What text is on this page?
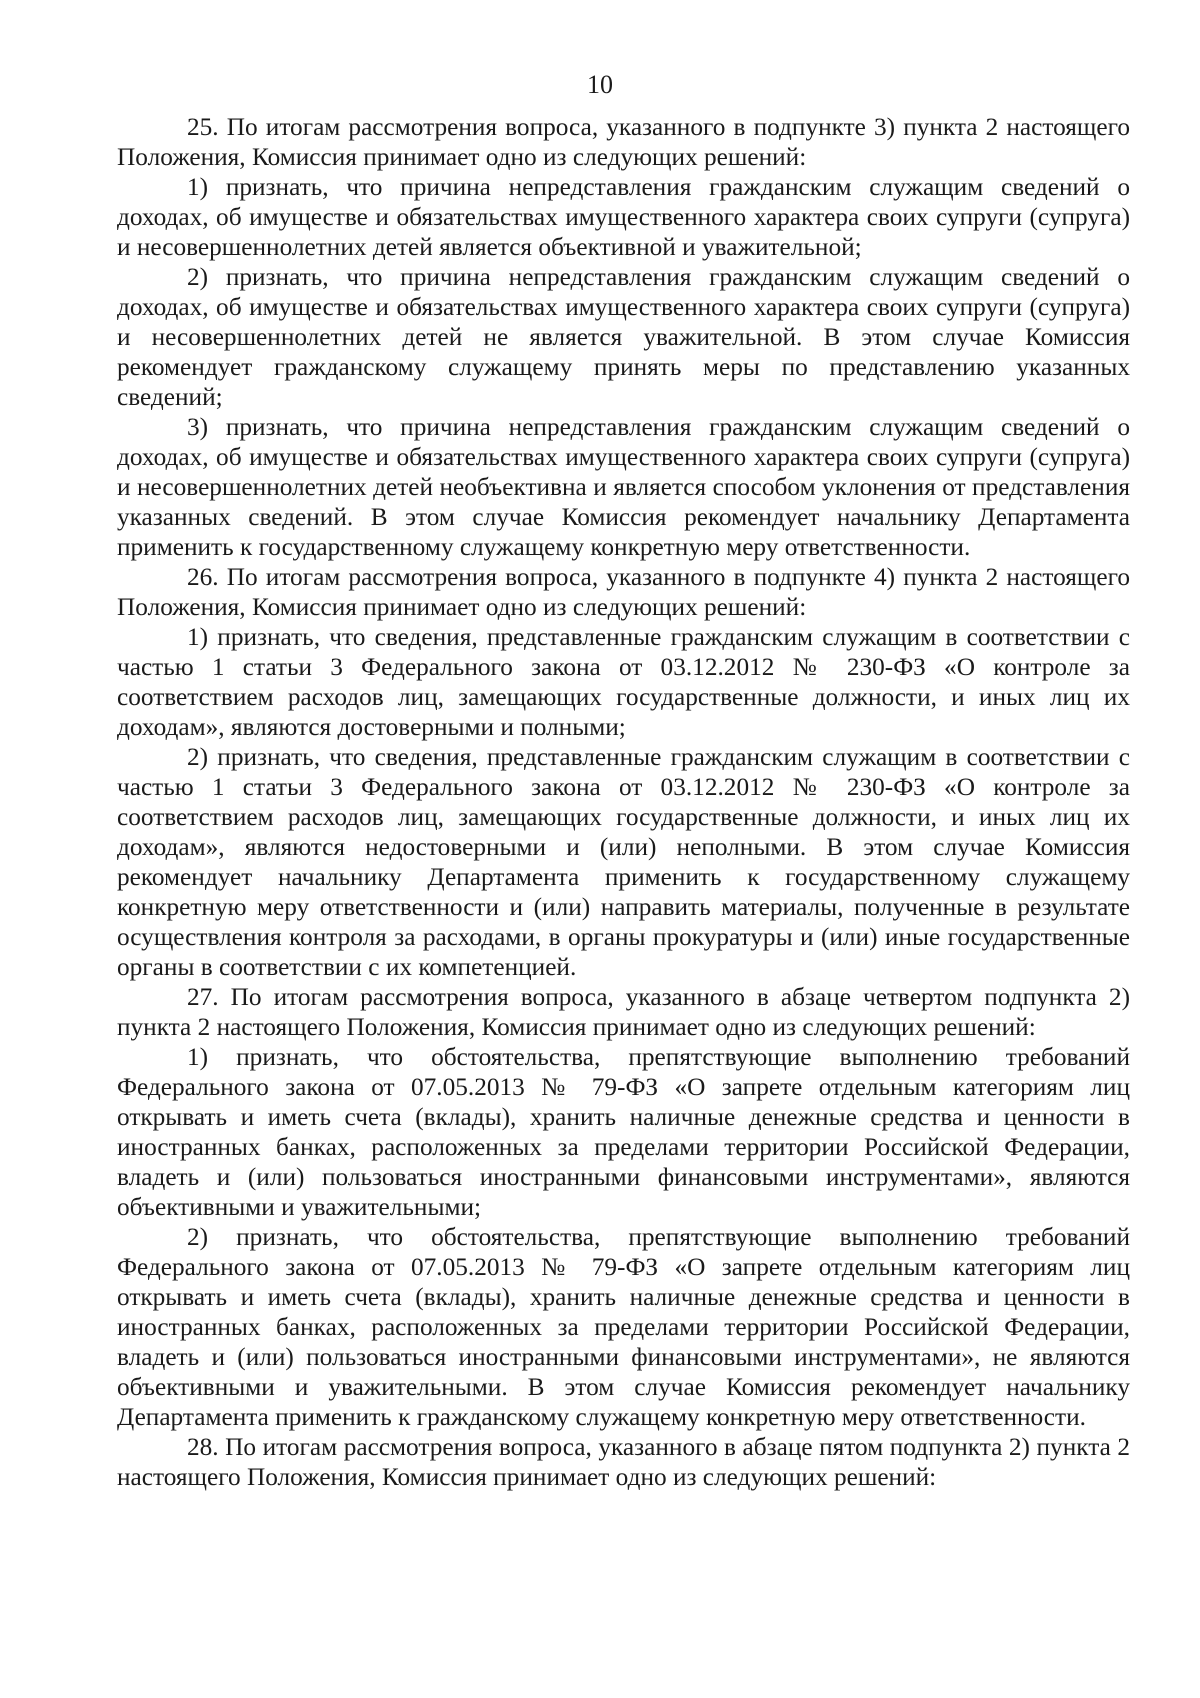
10

25. По итогам рассмотрения вопроса, указанного в подпункте 3) пункта 2 настоящего Положения, Комиссия принимает одно из следующих решений:

1) признать, что причина непредставления гражданским служащим сведений о доходах, об имуществе и обязательствах имущественного характера своих супруги (супруга) и несовершеннолетних детей является объективной и уважительной;

2) признать, что причина непредставления гражданским служащим сведений о доходах, об имуществе и обязательствах имущественного характера своих супруги (супруга) и несовершеннолетних детей не является уважительной. В этом случае Комиссия рекомендует гражданскому служащему принять меры по представлению указанных сведений;

3) признать, что причина непредставления гражданским служащим сведений о доходах, об имуществе и обязательствах имущественного характера своих супруги (супруга) и несовершеннолетних детей необъективна и является способом уклонения от представления указанных сведений. В этом случае Комиссия рекомендует начальнику Департамента применить к государственному служащему конкретную меру ответственности.

26. По итогам рассмотрения вопроса, указанного в подпункте 4) пункта 2 настоящего Положения, Комиссия принимает одно из следующих решений:

1) признать, что сведения, представленные гражданским служащим в соответствии с частью 1 статьи 3 Федерального закона от 03.12.2012 № 230-ФЗ «О контроле за соответствием расходов лиц, замещающих государственные должности, и иных лиц их доходам», являются достоверными и полными;

2) признать, что сведения, представленные гражданским служащим в соответствии с частью 1 статьи 3 Федерального закона от 03.12.2012 № 230-ФЗ «О контроле за соответствием расходов лиц, замещающих государственные должности, и иных лиц их доходам», являются недостоверными и (или) неполными. В этом случае Комиссия рекомендует начальнику Департамента применить к государственному служащему конкретную меру ответственности и (или) направить материалы, полученные в результате осуществления контроля за расходами, в органы прокуратуры и (или) иные государственные органы в соответствии с их компетенцией.

27. По итогам рассмотрения вопроса, указанного в абзаце четвертом подпункта 2) пункта 2 настоящего Положения, Комиссия принимает одно из следующих решений:

1) признать, что обстоятельства, препятствующие выполнению требований Федерального закона от 07.05.2013 № 79-ФЗ «О запрете отдельным категориям лиц открывать и иметь счета (вклады), хранить наличные денежные средства и ценности в иностранных банках, расположенных за пределами территории Российской Федерации, владеть и (или) пользоваться иностранными финансовыми инструментами», являются объективными и уважительными;

2) признать, что обстоятельства, препятствующие выполнению требований Федерального закона от 07.05.2013 № 79-ФЗ «О запрете отдельным категориям лиц открывать и иметь счета (вклады), хранить наличные денежные средства и ценности в иностранных банках, расположенных за пределами территории Российской Федерации, владеть и (или) пользоваться иностранными финансовыми инструментами», не являются объективными и уважительными. В этом случае Комиссия рекомендует начальнику Департамента применить к гражданскому служащему конкретную меру ответственности.

28. По итогам рассмотрения вопроса, указанного в абзаце пятом подпункта 2) пункта 2 настоящего Положения, Комиссия принимает одно из следующих решений:
